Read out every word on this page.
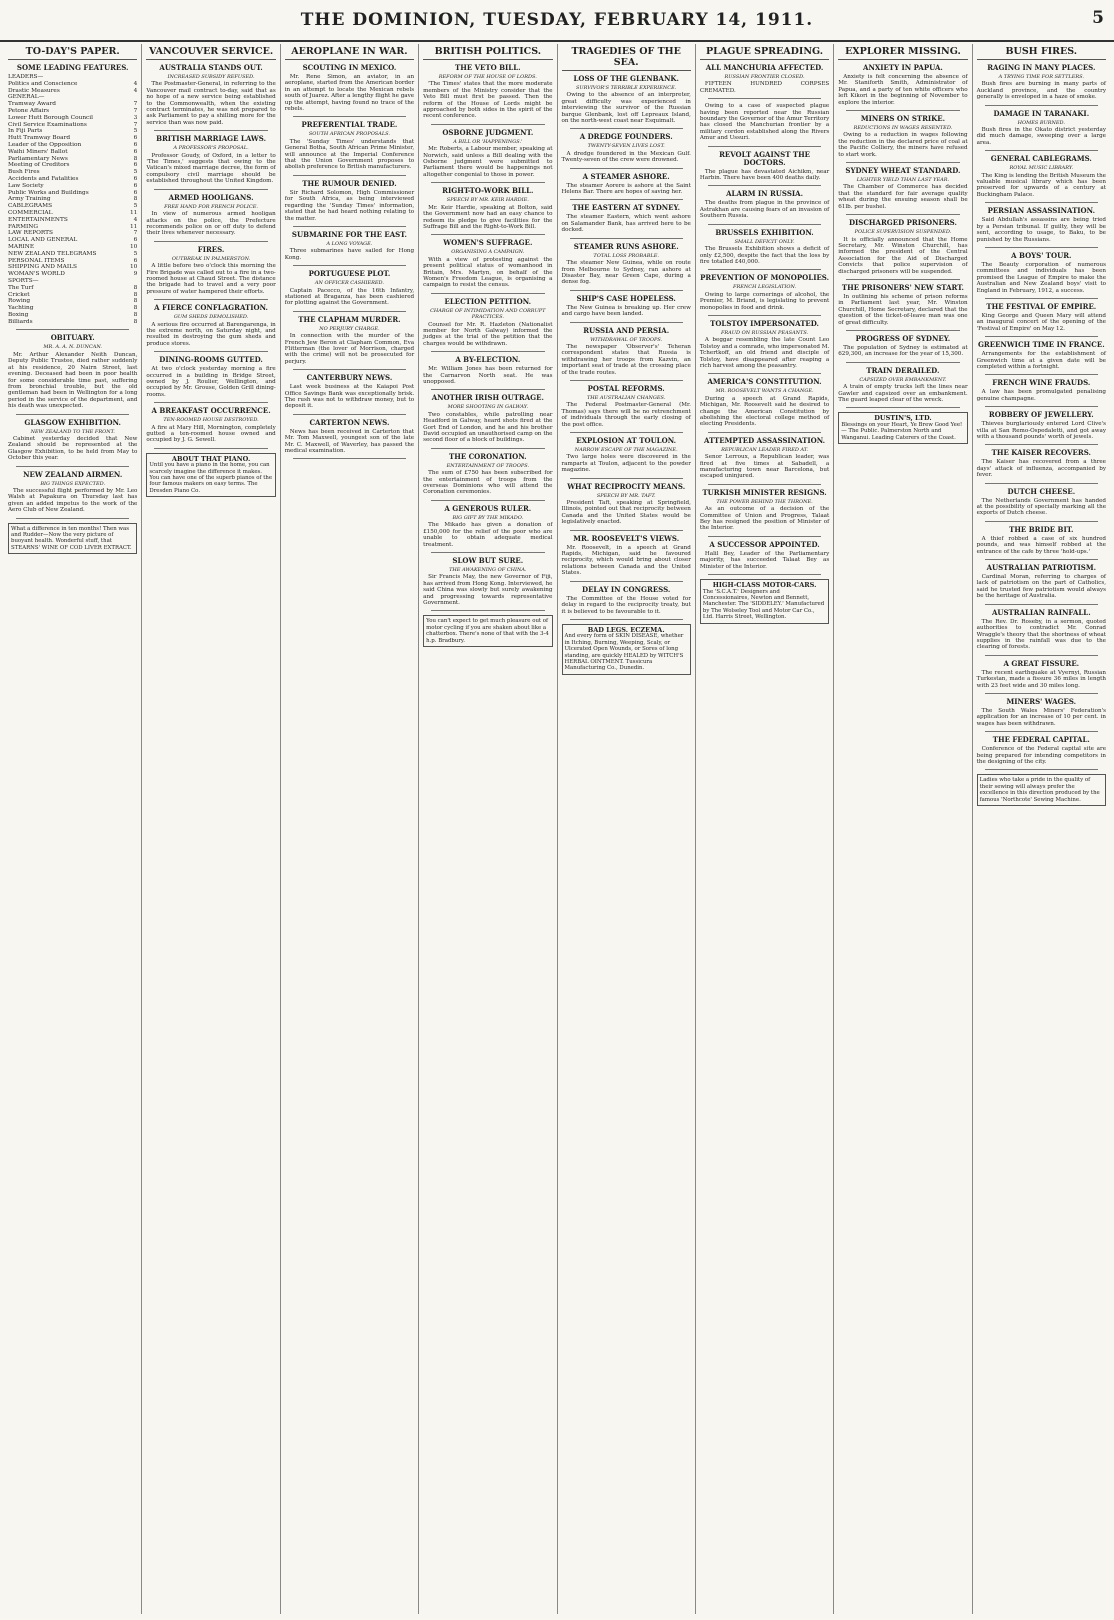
THE DOMINION, TUESDAY, FEBRUARY 14, 1911.	5
TO-DAY'S PAPER.
SOME LEADING FEATURES.
LEADERS—
Politics and Conscience	4
Drastic Measures	4
GENERAL—
Tramway Award	7
Petone Affairs	7
Lower Hutt Borough Council	3
Civil Service Examinations	7
In Fiji Parts	5
Hutt Tramway Board	6
Leader of the Opposition	6
Waihi Miners' Ballot	6
Parliamentary News	8
Meeting of Creditors	6
Bush Fires	5
Accidents and Fatalities	6
Law Society	6
Public Works and Buildings	6
Army Training	8
CABLEGRAMS	5
COMMERCIAL	11
ENTERTAINMENTS	4
FARMING	11
LAW REPORTS	7
LOCAL AND GENERAL	6
MARINE	10
NEW ZEALAND TELEGRAMS	5
PERSONAL ITEMS	6
SHIPPING AND MAILS	10
WOMAN'S WORLD	9
SPORTS—
The Turf	8
Cricket	8
Rowing	8
Yachting	8
Boxing	8
Billiards	8
OBITUARY.
MR. A. A. N. DUNCAN.

Mr. Arthur Alexander Neith Duncan, Deputy Public Trustee, died rather suddenly at his residence, 20 Nairn Street, last evening. Deceased had been in poor health for some considerable time past, suffering from bronchial trouble, but the old gentleman had been in Wellington for a long period in the service of the department, and his death was unexpected.

GLASGOW EXHIBITION.
NEW ZEALAND TO THE FRONT.

Cabinet yesterday decided that New Zealand should be represented at the Glasgow Exhibition, to be held from May to October this year.

NEW ZEALAND AIRMEN.
BIG THINGS EXPECTED.

The successful flight performed by Mr. Leo Walsh at Papakura on Thursday last has given an added impetus to the work of the Aero Club of New Zealand.

What a difference in ten months! Then was and Rudder—Now the very picture of buoyant health. Wonderful stuff, that STEARNS' WINE OF COD LIVER EXTRACT.
VANCOUVER SERVICE.
AUSTRALIA STANDS OUT.
INCREASED SUBSIDY REFUSED.

The Postmaster-General, in referring to the Vancouver mail contract to-day, said that as no hope of a new service being established to the Commonwealth, when the existing contract terminates, he was not prepared to ask Parliament to pay a shilling more for the service than was now paid.

BRITISH MARRIAGE LAWS.
A PROFESSOR'S PROPOSAL.

Professor Goudy, of Oxford, in a letter to 'The Times,' suggests that owing to the Vatican's mixed marriage decree, the form of compulsory civil marriage should be established throughout the United Kingdom.

ARMED HOOLIGANS.
FREE HAND FOR FRENCH POLICE.

In view of numerous armed hooligan attacks on the police, the Prefecture recommends police on or off duty to defend their lives whenever necessary.

FIRES.
OUTBREAK IN PALMERSTON.

A little before two o'clock this morning the Fire Brigade was called out to a fire in a two-roomed house at Chaud Street. The distance the brigade had to travel and a very poor pressure of water hampered their efforts.

A FIERCE CONFLAGRATION.
GUM SHEDS DEMOLISHED.

A serious fire occurred at Barengarenga, in the extreme north, on Saturday night, and resulted in destroying the gum sheds and produce stores.

DINING-ROOMS GUTTED.

At two o'clock yesterday morning a fire occurred in a building in Bridge Street, owned by J. Roulier, Wellington, and occupied by Mr. Grouse, Golden Grill dining-rooms.

A BREAKFAST OCCURRENCE.
TEN-ROOMED HOUSE DESTROYED.

A fire at Mary Hill, Mornington, completely gutted a ten-roomed house owned and occupied by J. G. Sewell.

ABOUT THAT PIANO.
Until you have a piano in the home, you can scarcely imagine the difference it makes. You can have one of the superb pianos of the four famous makers on easy terms. The Dresden Piano Co.
AEROPLANE IN WAR.
SCOUTING IN MEXICO.

Mr. Rene Simon, an aviator, in an aeroplane, started from the American border in an attempt to locate the Mexican rebels south of Juarez. After a lengthy flight he gave up the attempt, having found no trace of the rebels.

PREFERENTIAL TRADE.
SOUTH AFRICAN PROPOSALS.

The 'Sunday Times' understands that General Botha, South African Prime Minister, will announce at the Imperial Conference that the Union Government proposes to abolish preference to British manufacturers.

THE RUMOUR DENIED.

Sir Richard Solomon, High Commissioner for South Africa, as being interviewed regarding the 'Sunday Times' information, stated that he had heard nothing relating to the matter.

SUBMARINE FOR THE EAST.
A LONG VOYAGE.

Three submarines have sailed for Hong Kong.

PORTUGUESE PLOT.
AN OFFICER CASHIERED.

Captain Pacecco, of the 16th Infantry, stationed at Braganza, has been cashiered for plotting against the Government.

THE CLAPHAM MURDER.
NO PERJURY CHARGE.

In connection with the murder of the French Jew Beron at Clapham Common, Eva Flitterman (the lover of Morrison, charged with the crime) will not be prosecuted for perjury.

CANTERBURY NEWS.

Last week business at the Kaiapoi Post Office Savings Bank was exceptionally brisk. The rush was not to withdraw money, but to deposit it.

CARTERTON NEWS.

News has been received in Carterton that Mr. Tom Maxwell, youngest son of the late Mr. C. Maxwell, of Waverley, has passed the medical examination.

BRITISH POLITICS.
THE VETO BILL.
REFORM OF THE HOUSE OF LORDS.

'The Times' states that the more moderate members of the Ministry consider that the Veto Bill must first be passed. Then the reform of the House of Lords might be approached by both sides in the spirit of the recent conference.

OSBORNE JUDGMENT.
A BILL OR 'HAPPENINGS.'

Mr. Roberts, a Labour member, speaking at Norwich, said unless a Bill dealing with the Osborne judgment were submitted to Parliament there would be happenings not altogether congenial to those in power.

RIGHT-TO-WORK BILL.
SPEECH BY MR. KEIR HARDIE.

Mr. Keir Hardie, speaking at Bolton, said the Government now had an easy chance to redeem its pledge to give facilities for the Suffrage Bill and the Right-to-Work Bill.

WOMEN'S SUFFRAGE.
ORGANISING A CAMPAIGN.

With a view of protesting against the present political status of womanhood in Britain, Mrs. Martyn, on behalf of the Women's Freedom League, is organising a campaign to resist the census.

ELECTION PETITION.
CHARGE OF INTIMIDATION AND CORRUPT PRACTICES.

Counsel for Mr. R. Hazleton (Nationalist member for North Galway) informed the judges at the trial of the petition that the charges would be withdrawn.

A BY-ELECTION.

Mr. William Jones has been returned for the Carnarvon North seat. He was unopposed.

ANOTHER IRISH OUTRAGE.
MORE SHOOTING IN GALWAY.

Two constables, while patrolling near Headford in Galway, heard shots fired at the Gort End of London, and he and his brother David occupied an unauthorised camp on the second floor of a block of buildings.

THE CORONATION.
ENTERTAINMENT OF TROOPS.

The sum of £750 has been subscribed for the entertainment of troops from the overseas Dominions who will attend the Coronation ceremonies.

A GENEROUS RULER.
BIG GIFT BY THE MIKADO.

The Mikado has given a donation of £150,000 for the relief of the poor who are unable to obtain adequate medical treatment.

SLOW BUT SURE.
THE AWAKENING OF CHINA.

Sir Francis May, the new Governor of Fiji, has arrived from Hong Kong. Interviewed, he said China was slowly but surely awakening and progressing towards representative Government.

You can't expect to get much pleasure out of motor cycling if you are shaken about like a chatterbox. There's none of that with the 3-4 h.p. Bradbury.
TRAGEDIES OF THE SEA.
LOSS OF THE GLENBANK.
SURVIVOR'S TERRIBLE EXPERIENCE.

Owing to the absence of an interpreter, great difficulty was experienced in interviewing the survivor of the Russian barque Glenbank, lost off Lepreaux Island, on the north-west coast near Esquimalt.

A DREDGE FOUNDERS.
TWENTY-SEVEN LIVES LOST.

A dredge foundered in the Mexican Gulf. Twenty-seven of the crew were drowned.

A STEAMER ASHORE.

The steamer Aorere is ashore at the Saint Helens Bar. There are hopes of saving her.

THE EASTERN AT SYDNEY.

The steamer Eastern, which went ashore on Salamander Bank, has arrived here to be docked.

STEAMER RUNS ASHORE.
TOTAL LOSS PROBABLE.

The steamer New Guinea, while on route from Melbourne to Sydney, ran ashore at Disaster Bay, near Green Cape, during a dense fog.

SHIP'S CASE HOPELESS.

The New Guinea is breaking up. Her crew and cargo have been landed.

RUSSIA AND PERSIA.
WITHDRAWAL OF TROOPS.

The newspaper 'Observer's' Teheran correspondent states that Russia is withdrawing her troops from Kazvin, an important seat of trade at the crossing place of the trade routes.

POSTAL REFORMS.
THE AUSTRALIAN CHANGES.

The Federal Postmaster-General (Mr. Thomas) says there will be no retrenchment of individuals through the early closing of the post office.

EXPLOSION AT TOULON.
NARROW ESCAPE OF THE MAGAZINE.

Two large holes were discovered in the ramparts at Toulon, adjacent to the powder magazine.

WHAT RECIPROCITY MEANS.
SPEECH BY MR. TAFT.

President Taft, speaking at Springfield, Illinois, pointed out that reciprocity between Canada and the United States would be legislatively enacted.

MR. ROOSEVELT'S VIEWS.

Mr. Roosevelt, in a speech at Grand Rapids, Michigan, said he favoured reciprocity, which would bring about closer relations between Canada and the United States.

DELAY IN CONGRESS.

The Committee of the House voted for delay in regard to the reciprocity treaty, but it is believed to be favourable to it.

BAD LEGS. ECZEMA.
And every form of SKIN DISEASE, whether in Itching, Burning, Weeping, Scaly, or Ulcerated Open Wounds, or Sores of long standing, are quickly HEALED by WITCH'S HERBAL OINTMENT. Tussicura Manufacturing Co., Dunedin.
PLAGUE SPREADING.
ALL MANCHURIA AFFECTED.
RUSSIAN FRONTIER CLOSED.

FIFTEEN HUNDRED CORPSES CREMATED.

Owing to a case of suspected plague having been reported near the Russian boundary the Governor of the Amur Territory has closed the Manchurian frontier by a military cordon established along the Rivers Amur and Ussuri.

REVOLT AGAINST THE DOCTORS.

The plague has devastated Aichikm, near Harbin. There have been 400 deaths daily.

ALARM IN RUSSIA.

The deaths from plague in the province of Astrakhan are causing fears of an invasion of Southern Russia.

BRUSSELS EXHIBITION.
SMALL DEFICIT ONLY.

The Brussels Exhibition shows a deficit of only £2,500, despite the fact that the loss by fire totalled £40,000.

PREVENTION OF MONOPOLIES.
FRENCH LEGISLATION.

Owing to large cornerings of alcohol, the Premier, M. Briand, is legislating to prevent monopolies in food and drink.

TOLSTOY IMPERSONATED.
FRAUD ON RUSSIAN PEASANTS.

A beggar resembling the late Count Leo Tolstoy and a comrade, who impersonated M. Tchertkoff, an old friend and disciple of Tolstoy, have disappeared after reaping a rich harvest among the peasantry.

AMERICA'S CONSTITUTION.
MR. ROOSEVELT WANTS A CHANGE.

During a speech at Grand Rapids, Michigan, Mr. Roosevelt said he desired to change the American Constitution by abolishing the electoral college method of electing Presidents.

ATTEMPTED ASSASSINATION.
REPUBLICAN LEADER FIRED AT.

Senor Lerroux, a Republican leader, was fired at five times at Sabadell, a manufacturing town near Barcelona, but escaped uninjured.

TURKISH MINISTER RESIGNS.
THE POWER BEHIND THE THRONE.

As an outcome of a decision of the Committee of Union and Progress, Talaat Bey has resigned the position of Minister of the Interior.

A SUCCESSOR APPOINTED.

Halil Bey, Leader of the Parliamentary majority, has succeeded Talaat Bey as Minister of the Interior.

HIGH-CLASS MOTOR-CARS.
The 'S.C.A.T.' Designers and Concessionaires, Newton and Bennett, Manchester. The 'SIDDELEY.' Manufactured by The Wolseley Tool and Motor Car Co., Ltd. Harris Street, Wellington.
EXPLORER MISSING.
ANXIETY IN PAPUA.

Anxiety is felt concerning the absence of Mr. Staniforth Smith, Administrator of Papua, and a party of ten white officers who left Kikori in the beginning of November to explore the interior.

MINERS ON STRIKE.
REDUCTIONS IN WAGES RESENTED.

Owing to a reduction in wages following the reduction in the declared price of coal at the Pacific Colliery, the miners have refused to start work.

SYDNEY WHEAT STANDARD.
LIGHTER YIELD THAN LAST YEAR.

The Chamber of Commerce has decided that the standard for fair average quality wheat during the ensuing season shall be 61lb. per bushel.

DISCHARGED PRISONERS.
POLICE SUPERVISION SUSPENDED.

It is officially announced that the Home Secretary, Mr. Winston Churchill, has informed the president of the Central Association for the Aid of Discharged Convicts that police supervision of discharged prisoners will be suspended.

THE PRISONERS' NEW START.

In outlining his scheme of prison reforms in Parliament last year, Mr. Winston Churchill, Home Secretary, declared that the question of the ticket-of-leave man was one of great difficulty.

PROGRESS OF SYDNEY.

The population of Sydney is estimated at 629,300, an increase for the year of 15,300.

TRAIN DERAILED.
CAPSIZED OVER EMBANKMENT.

A train of empty trucks left the lines near Gawler and capsized over an embankment. The guard leaped clear of the wreck.

DUSTIN'S, LTD.
Blessings on your Heart, Ye Brew Good Yee! — The Public. Palmerston North and Wanganui. Leading Caterers of the Coast.
BUSH FIRES.
RAGING IN MANY PLACES.
A TRYING TIME FOR SETTLERS.

Bush fires are burning in many parts of Auckland province, and the country generally is enveloped in a haze of smoke.

DAMAGE IN TARANAKI.
HOMES BURNED.

Bush fires in the Okato district yesterday did much damage, sweeping over a large area.

GENERAL CABLEGRAMS.
ROYAL MUSIC LIBRARY.

The King is lending the British Museum the valuable musical library which has been preserved for upwards of a century at Buckingham Palace.

PERSIAN ASSASSINATION.

Said Abdullah's assassins are being tried by a Persian tribunal. If guilty, they will be sent, according to usage, to Baku, to be punished by the Russians.

A BOYS' TOUR.

The Beauty corporation of numerous committees and individuals has been promised the League of Empire to make the Australian and New Zealand boys' visit to England in February, 1912, a success.

THE FESTIVAL OF EMPIRE.

King George and Queen Mary will attend an inaugural concert of the opening of the 'Festival of Empire' on May 12.

GREENWICH TIME IN FRANCE.

Arrangements for the establishment of Greenwich time at a given date will be completed within a fortnight.

FRENCH WINE FRAUDS.

A law has been promulgated penalising genuine champagne.

ROBBERY OF JEWELLERY.

Thieves burglariously entered Lord Clive's villa at San Remo-Ospedaletti, and got away with a thousand pounds' worth of jewels.

THE KAISER RECOVERS.

The Kaiser has recovered from a three days' attack of influenza, accompanied by fever.

DUTCH CHEESE.

The Netherlands Government has handed at the possibility of specially marking all the exports of Dutch cheese.

THE BRIDE BIT.

A thief robbed a case of six hundred pounds, and was himself robbed at the entrance of the cafe by three 'hold-ups.'

AUSTRALIAN PATRIOTISM.

Cardinal Moran, referring to charges of lack of patriotism on the part of Catholics, said he trusted few patriotism would always be the heritage of Australia.

AUSTRALIAN RAINFALL.

The Rev. Dr. Roseby, in a sermon, quoted authorities to contradict Mr. Conrad Wraggle's theory that the shortness of wheat supplies in the rainfall was due to the clearing of forests.

A GREAT FISSURE.

The recent earthquake at Vyernyi, Russian Turkestan, made a fissure 36 miles in length with 23 feet wide and 30 miles long.

MINERS' WAGES.

The South Wales Miners' Federation's application for an increase of 10 per cent. in wages has been withdrawn.

THE FEDERAL CAPITAL.

Conference of the Federal capital site are being prepared for intending competitors in the designing of the city.

Ladies who take a pride in the quality of their sewing will always prefer the excellence in this direction produced by the famous 'Northcote' Sewing Machine.
